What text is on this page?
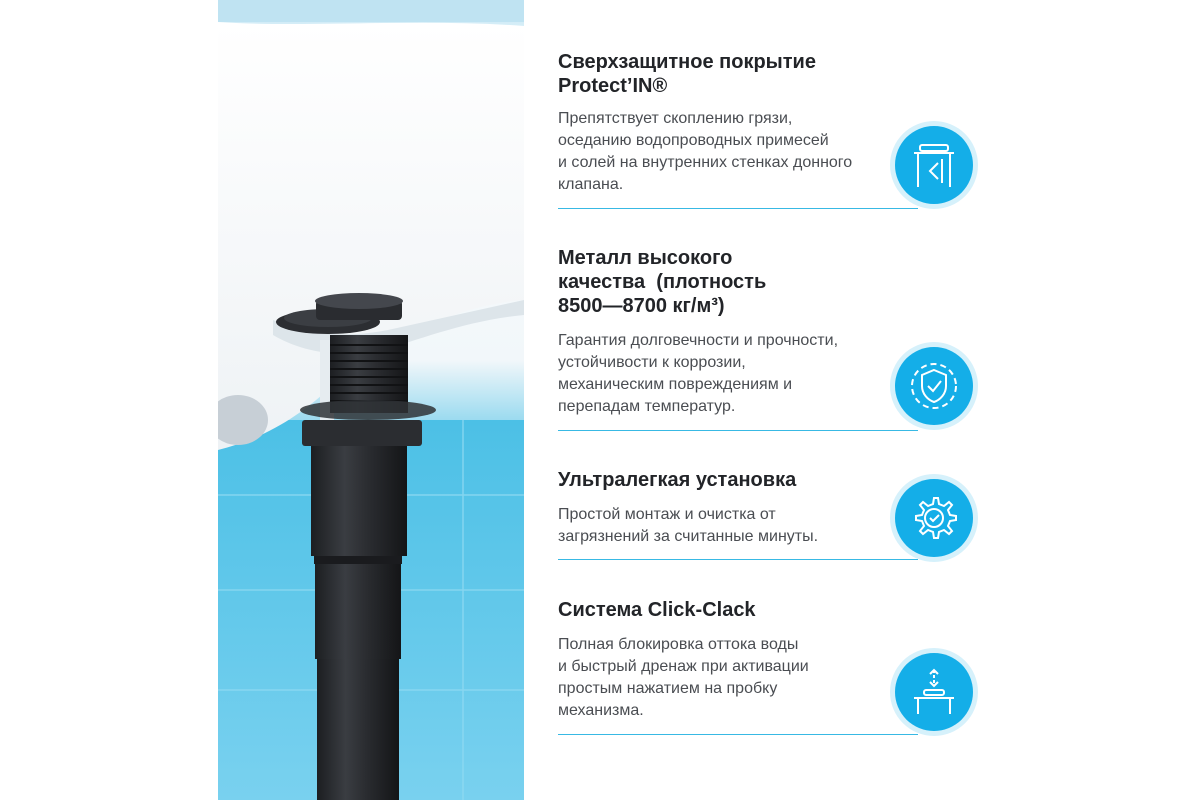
Сверхзащитное покрытие
Protect’IN®

Препятствует скоплению грязи,
оседанию водопроводных примесей
и солей на внутренних стенках донного
клапана.

Металл высокого
качества  (плотность
8500—8700 кг/м³)

Гарантия долговечности и прочности,
устойчивости к коррозии,
механическим повреждениям и
перепадам температур.

Ультралегкая установка

Простой монтаж и очистка от
загрязнений за считанные минуты.

Система Click-Clack

Полная блокировка оттока воды
и быстрый дренаж при активации
простым нажатием на пробку
механизма.
